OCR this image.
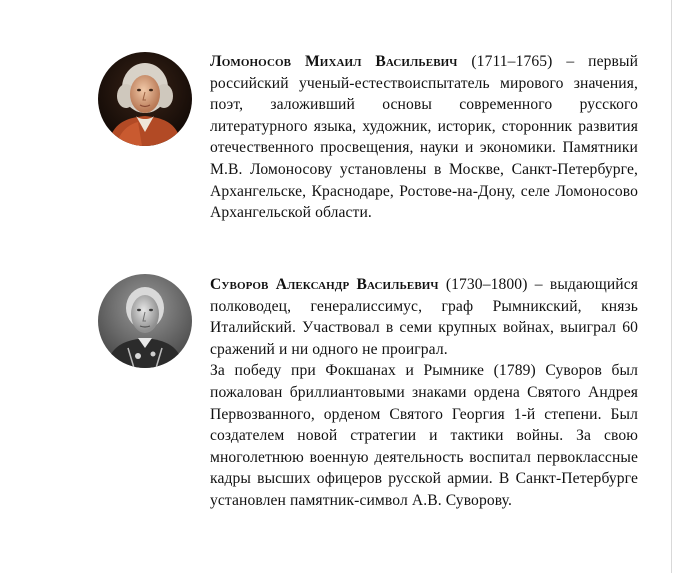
Ломоносов Михаил Васильевич (1711–1765) – первый российский ученый-естествоиспытатель мирового значения, поэт, заложивший основы современного русского литературного языка, художник, историк, сторонник развития отечественного просвещения, науки и экономики. Памятники М.В. Ломоносову установлены в Москве, Санкт-Петербурге, Архангельске, Краснодаре, Ростове-на-Дону, селе Ломоносово Архангельской области.
Суворов Александр Васильевич (1730–1800) – выдающийся полководец, генералиссимус, граф Рымникский, князь Италийский. Участвовал в семи крупных войнах, выиграл 60 сражений и ни одного не проиграл.
За победу при Фокшанах и Рымнике (1789) Суворов был пожалован бриллиантовыми знаками ордена Святого Андрея Первозванного, орденом Святого Георгия 1-й степени. Был создателем новой стратегии и тактики войны. За свою многолетнюю военную деятельность воспитал первоклассные кадры высших офицеров русской армии. В Санкт-Петербурге установлен памятник-символ А.В. Суворову.
